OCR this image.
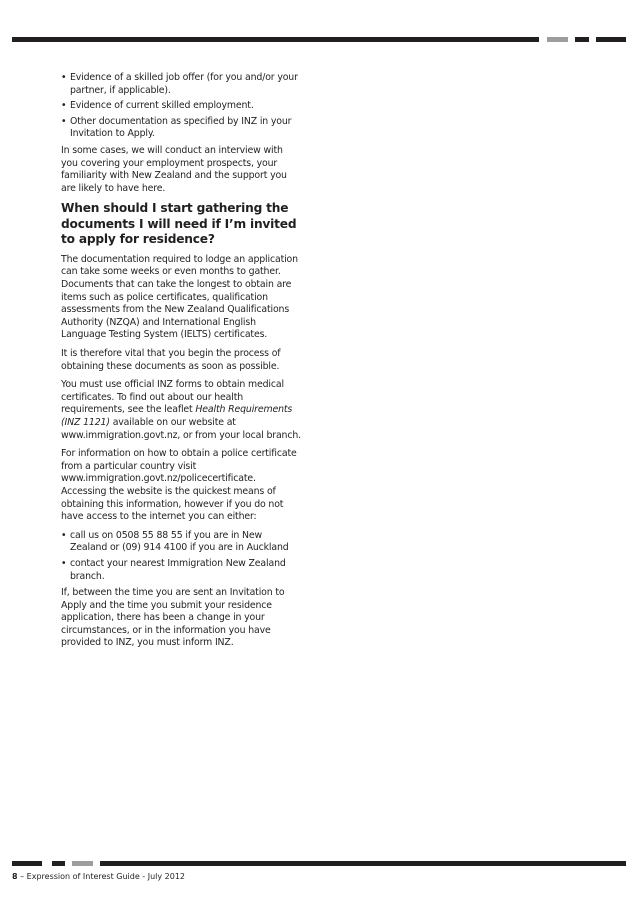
• Evidence of a skilled job offer (for you and/or your partner, if applicable).
• Evidence of current skilled employment.
• Other documentation as specified by INZ in your Invitation to Apply.

In some cases, we will conduct an interview with you covering your employment prospects, your familiarity with New Zealand and the support you are likely to have here.

When should I start gathering the documents I will need if I’m invited to apply for residence?

The documentation required to lodge an application can take some weeks or even months to gather. Documents that can take the longest to obtain are items such as police certificates, qualification assessments from the New Zealand Qualifications Authority (NZQA) and International English Language Testing System (IELTS) certificates.

It is therefore vital that you begin the process of obtaining these documents as soon as possible.

You must use official INZ forms to obtain medical certificates. To find out about our health requirements, see the leaflet Health Requirements (INZ 1121) available on our website at www.immigration.govt.nz, or from your local branch.

For information on how to obtain a police certificate from a particular country visit www.immigration.govt.nz/policecertificate. Accessing the website is the quickest means of obtaining this information, however if you do not have access to the internet you can either:

• call us on 0508 55 88 55 if you are in New Zealand or (09) 914 4100 if you are in Auckland
• contact your nearest Immigration New Zealand branch.

If, between the time you are sent an Invitation to Apply and the time you submit your residence application, there has been a change in your circumstances, or in the information you have provided to INZ, you must inform INZ.

8 – Expression of Interest Guide - July 2012
